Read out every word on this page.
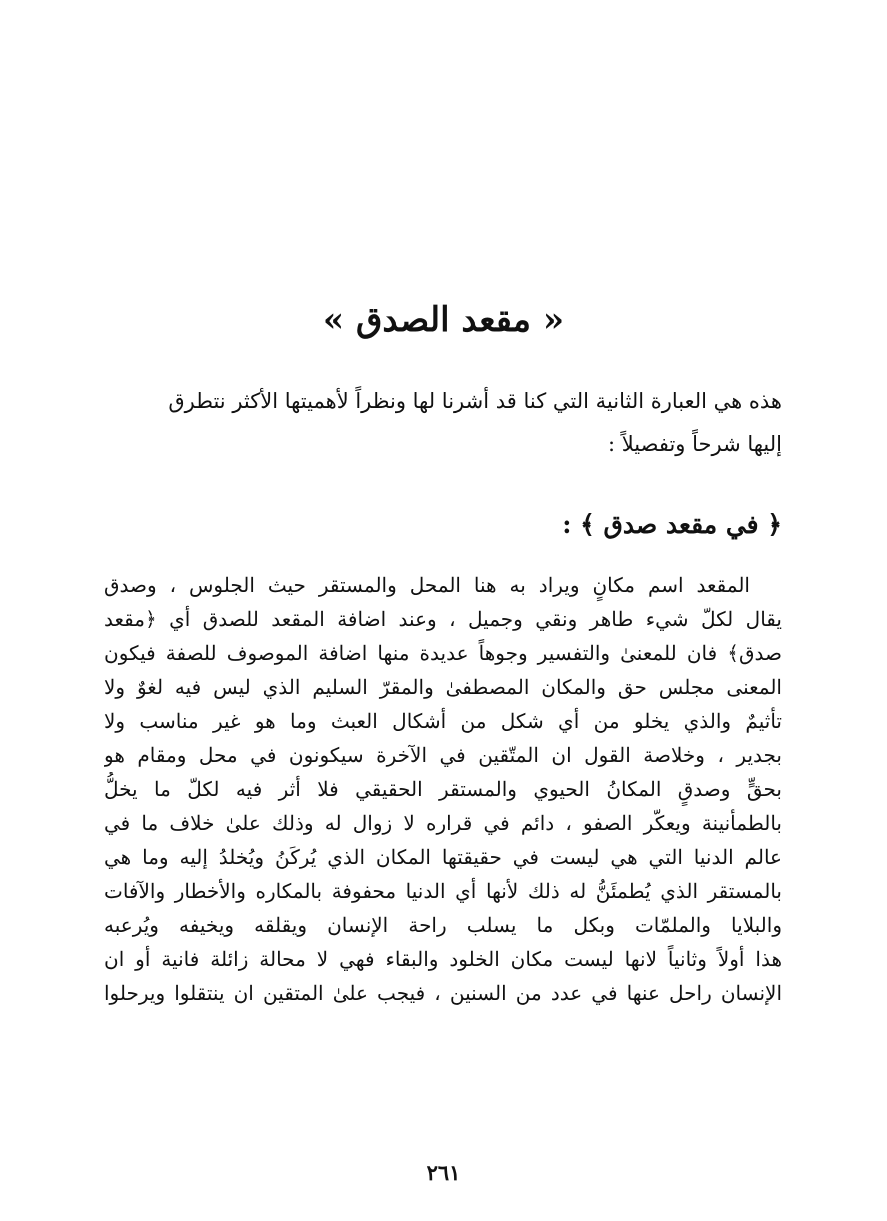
« مقعد الصدق »
هذه هي العبارة الثانية التي كنا قد أشرنا لها ونظراً لأهميتها الأكثر نتطرق
إليها شرحاً وتفصيلاً :
﴿ في مقعد صدق ﴾ :
المقعد اسم مكانٍ ويراد به هنا المحل والمستقر حيث الجلوس ، وصدق
يقال لكلّ شيء طاهر ونقي وجميل ، وعند اضافة المقعد للصدق أي ﴿مقعد
صدق﴾ فان للمعنىٰ والتفسير وجوهاً عديدة منها اضافة الموصوف للصفة فيكون
المعنى مجلس حق والمكان المصطفىٰ والمقرّ السليم الذي ليس فيه لغوٌ ولا
تأثيمٌ والذي يخلو من أي شكل من أشكال العبث وما هو غير مناسب ولا
بجدير ، وخلاصة القول ان المتّقين في الآخرة سيكونون في محل ومقام هو
بحقٍّ وصدقٍ المكانُ الحيوي والمستقر الحقيقي فلا أثر فيه لكلّ ما يخلُّ
بالطمأنينة ويعكّر الصفو ، دائم في قراره لا زوال له وذلك علىٰ خلاف ما في
عالم الدنيا التي هي ليست في حقيقتها المكان الذي يُركَنُ ويُخلدُ إليه وما هي
بالمستقر الذي يُطمئَنُّ له ذلك لأنها أي الدنيا محفوفة بالمكاره والأخطار والآفات
والبلايا والملمّات وبكل ما يسلب راحة الإنسان ويقلقه ويخيفه ويُرعبه
هذا أولاً وثانياً لانها ليست مكان الخلود والبقاء فهي لا محالة زائلة فانية أو ان
الإنسان راحل عنها في عدد من السنين ، فيجب علىٰ المتقين ان ينتقلوا ويرحلوا
٢٦١
